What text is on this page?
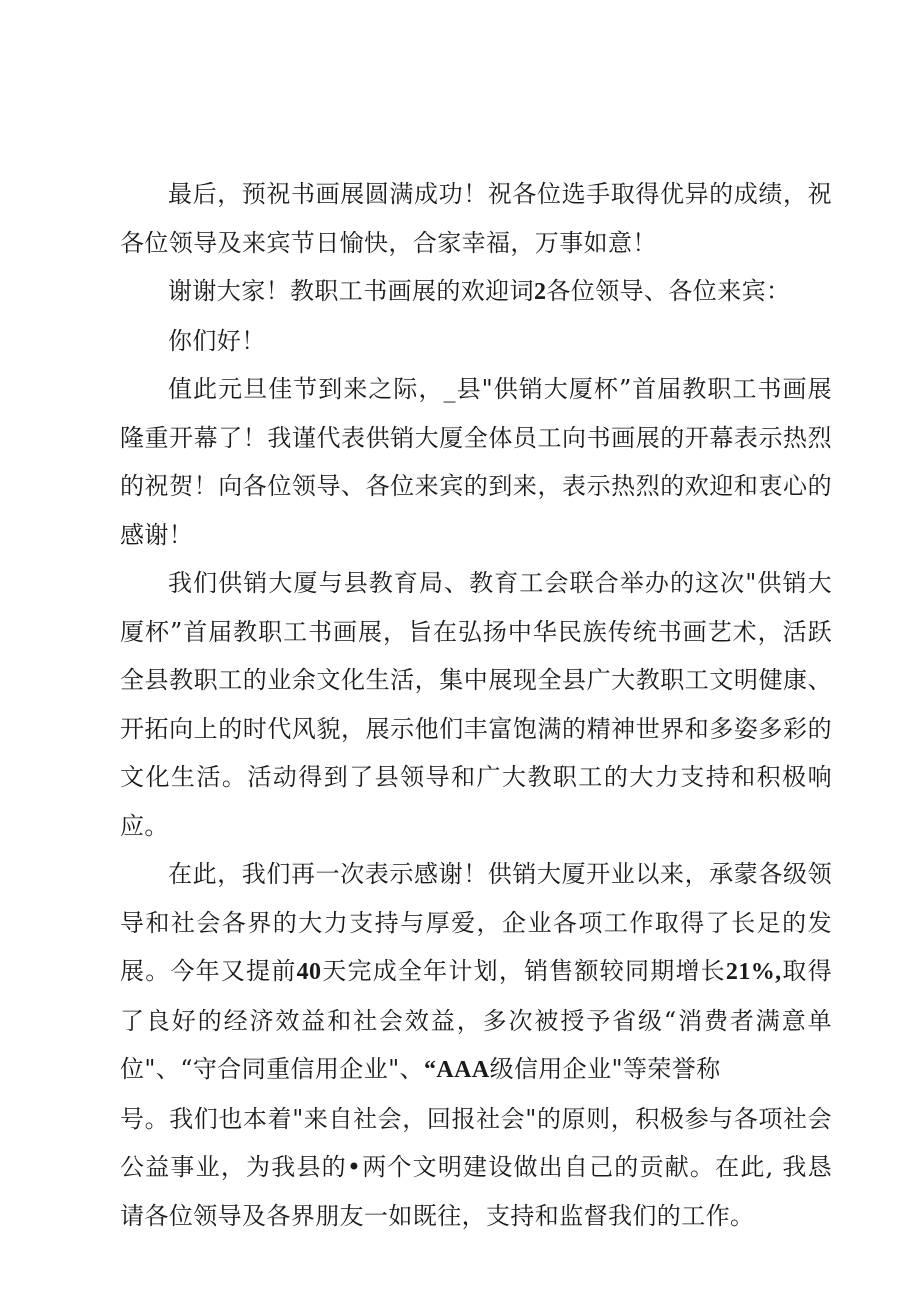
最后，预祝书画展圆满成功！祝各位选手取得优异的成绩，祝各位领导及来宾节日愉快，合家幸福，万事如意！

谢谢大家！教职工书画展的欢迎词2各位领导、各位来宾：

你们好！

值此元旦佳节到来之际，_县"供销大厦杯”首届教职工书画展隆重开幕了！我谨代表供销大厦全体员工向书画展的开幕表示热烈的祝贺！向各位领导、各位来宾的到来，表示热烈的欢迎和衷心的感谢！

我们供销大厦与县教育局、教育工会联合举办的这次"供销大厦杯”首届教职工书画展，旨在弘扬中华民族传统书画艺术，活跃全县教职工的业余文化生活，集中展现全县广大教职工文明健康、开拓向上的时代风貌，展示他们丰富饱满的精神世界和多姿多彩的文化生活。活动得到了县领导和广大教职工的大力支持和积极响应。

在此，我们再一次表示感谢！供销大厦开业以来，承蒙各级领导和社会各界的大力支持与厚爱，企业各项工作取得了长足的发展。今年又提前40天完成全年计划，销售额较同期增长21%,取得了良好的经济效益和社会效益，多次被授予省级“消费者满意单位"、“守合同重信用企业"、“AAA级信用企业"等荣誉称

号。我们也本着"来自社会，回报社会"的原则，积极参与各项社会公益事业，为我县的•两个文明建设做出自己的贡献。在此, 我恳请各位领导及各界朋友一如既往，支持和监督我们的工作。
